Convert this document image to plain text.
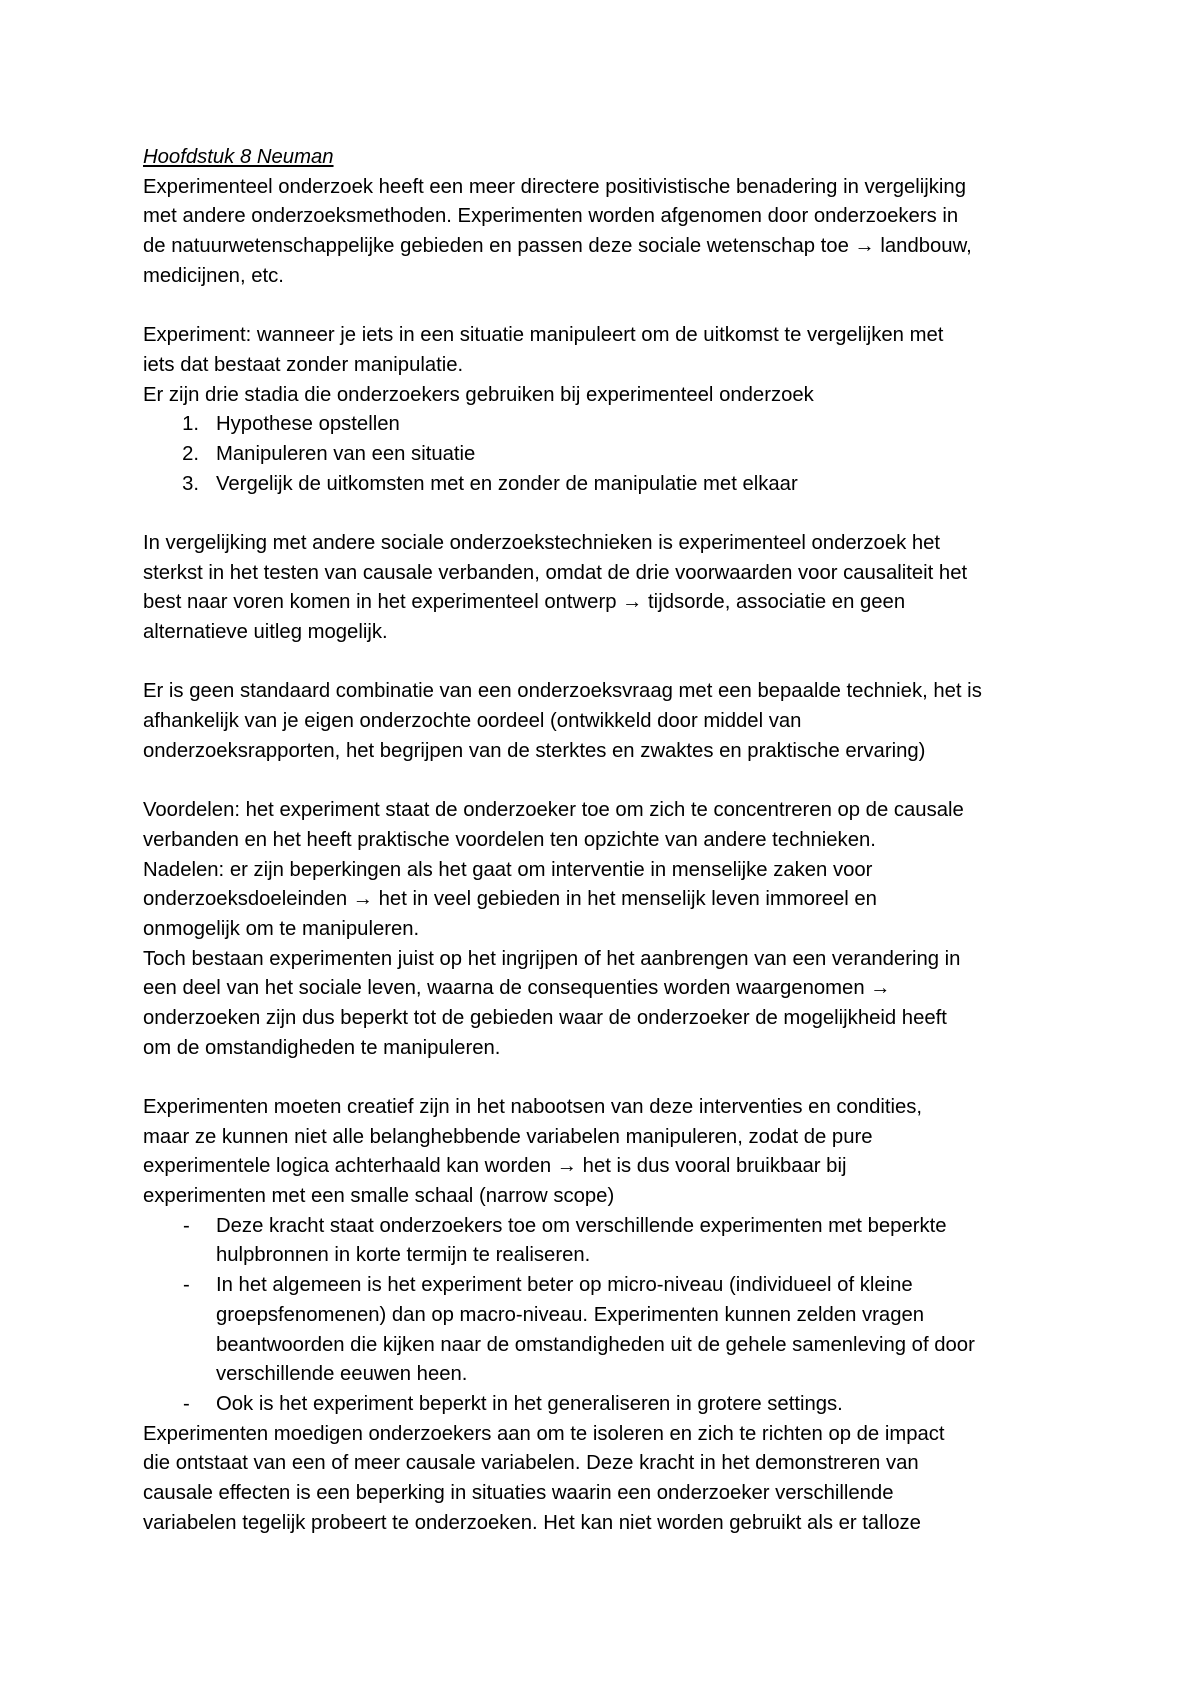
Hoofdstuk 8 Neuman
Experimenteel onderzoek heeft een meer directere positivistische benadering in vergelijking
met andere onderzoeksmethoden. Experimenten worden afgenomen door onderzoekers in
de natuurwetenschappelijke gebieden en passen deze sociale wetenschap toe → landbouw,
medicijnen, etc.
Experiment: wanneer je iets in een situatie manipuleert om de uitkomst te vergelijken met
iets dat bestaat zonder manipulatie.
Er zijn drie stadia die onderzoekers gebruiken bij experimenteel onderzoek
1. Hypothese opstellen
2. Manipuleren van een situatie
3. Vergelijk de uitkomsten met en zonder de manipulatie met elkaar
In vergelijking met andere sociale onderzoekstechnieken is experimenteel onderzoek het
sterkst in het testen van causale verbanden, omdat de drie voorwaarden voor causaliteit het
best naar voren komen in het experimenteel ontwerp → tijdsorde, associatie en geen
alternatieve uitleg mogelijk.
Er is geen standaard combinatie van een onderzoeksvraag met een bepaalde techniek, het is
afhankelijk van je eigen onderzochte oordeel (ontwikkeld door middel van
onderzoeksrapporten, het begrijpen van de sterktes en zwaktes en praktische ervaring)
Voordelen: het experiment staat de onderzoeker toe om zich te concentreren op de causale
verbanden en het heeft praktische voordelen ten opzichte van andere technieken.
Nadelen: er zijn beperkingen als het gaat om interventie in menselijke zaken voor
onderzoeksdoeleinden → het in veel gebieden in het menselijk leven immoreel en
onmogelijk om te manipuleren.
Toch bestaan experimenten juist op het ingrijpen of het aanbrengen van een verandering in
een deel van het sociale leven, waarna de consequenties worden waargenomen →
onderzoeken zijn dus beperkt tot de gebieden waar de onderzoeker de mogelijkheid heeft
om de omstandigheden te manipuleren.
Experimenten moeten creatief zijn in het nabootsen van deze interventies en condities,
maar ze kunnen niet alle belanghebbende variabelen manipuleren, zodat de pure
experimentele logica achterhaald kan worden → het is dus vooral bruikbaar bij
experimenten met een smalle schaal (narrow scope)
-	Deze kracht staat onderzoekers toe om verschillende experimenten met beperkte
hulpbronnen in korte termijn te realiseren.
-	In het algemeen is het experiment beter op micro-niveau (individueel of kleine
groepsfenomenen) dan op macro-niveau. Experimenten kunnen zelden vragen
beantwoorden die kijken naar de omstandigheden uit de gehele samenleving of door
verschillende eeuwen heen.
-	Ook is het experiment beperkt in het generaliseren in grotere settings.
Experimenten moedigen onderzoekers aan om te isoleren en zich te richten op de impact
die ontstaat van een of meer causale variabelen. Deze kracht in het demonstreren van
causale effecten is een beperking in situaties waarin een onderzoeker verschillende
variabelen tegelijk probeert te onderzoeken. Het kan niet worden gebruikt als er talloze
